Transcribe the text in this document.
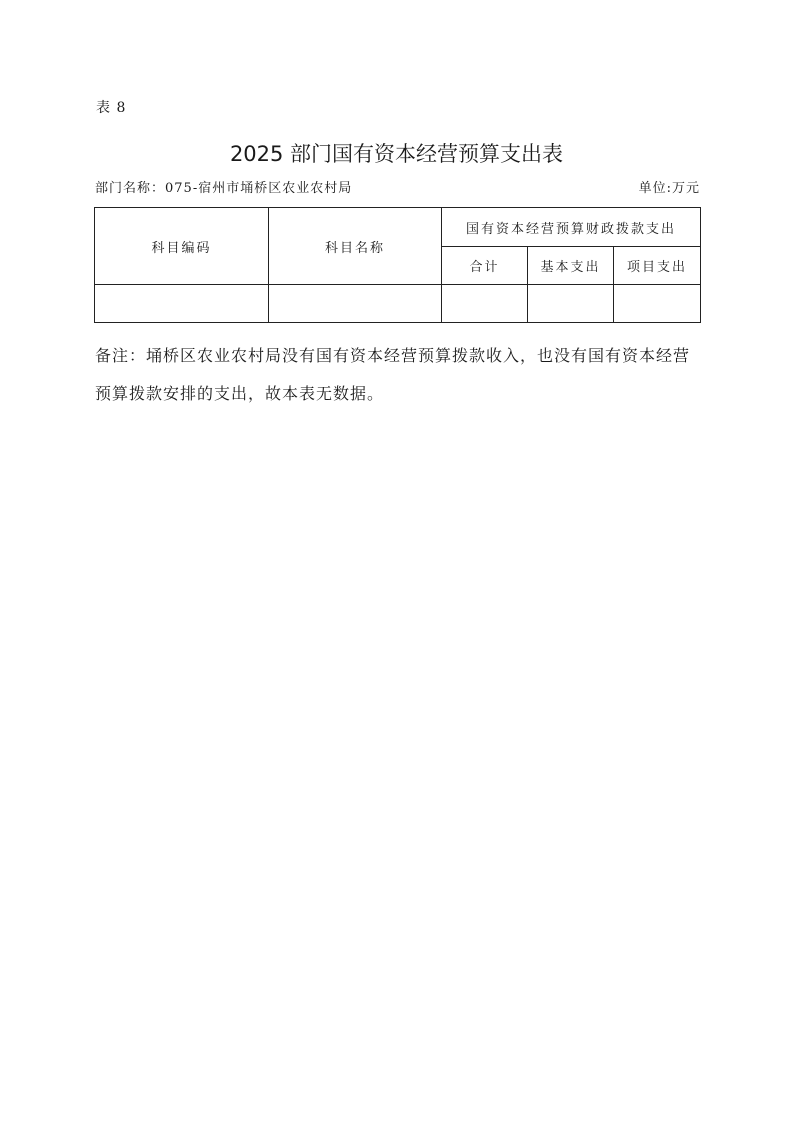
表 8
2025 部门国有资本经营预算支出表
部门名称：075-宿州市埇桥区农业农村局	单位:万元
科目编码	科目名称	国有资本经营预算财政拨款支出		
		合计	基本支出	项目支出

备注：埇桥区农业农村局没有国有资本经营预算拨款收入，也没有国有资本经营预算拨款安排的支出，故本表无数据。
